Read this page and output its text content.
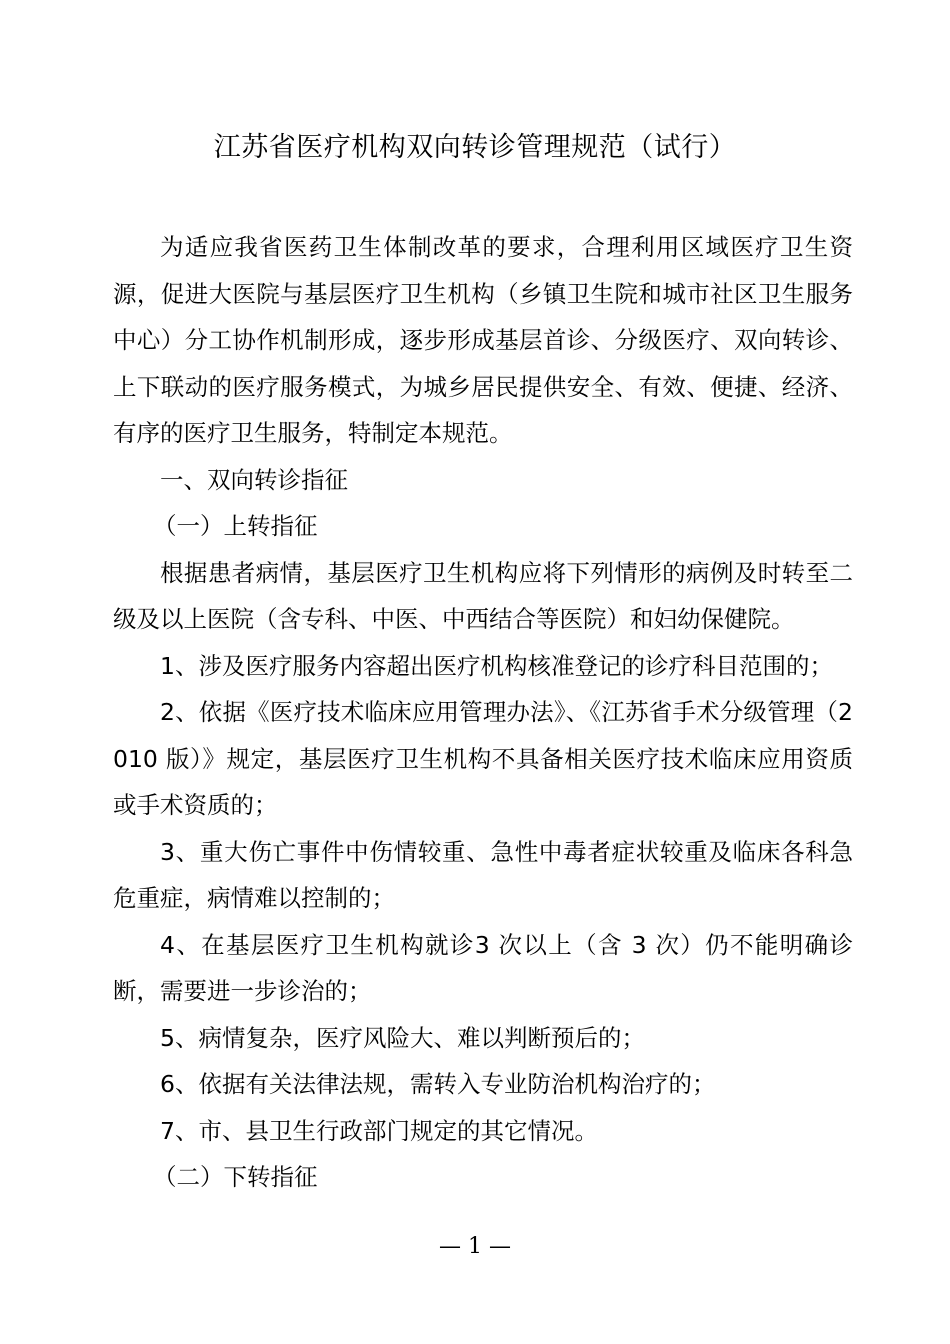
江苏省医疗机构双向转诊管理规范（试行）

为适应我省医药卫生体制改革的要求，合理利用区域医疗卫生资源，促进大医院与基层医疗卫生机构（乡镇卫生院和城市社区卫生服务中心）分工协作机制形成，逐步形成基层首诊、分级医疗、双向转诊、上下联动的医疗服务模式，为城乡居民提供安全、有效、便捷、经济、有序的医疗卫生服务，特制定本规范。

一、双向转诊指征

（一）上转指征

根据患者病情，基层医疗卫生机构应将下列情形的病例及时转至二级及以上医院（含专科、中医、中西结合等医院）和妇幼保健院。

1、涉及医疗服务内容超出医疗机构核准登记的诊疗科目范围的；

2、依据《医疗技术临床应用管理办法》、《江苏省手术分级管理（2010 版）》规定，基层医疗卫生机构不具备相关医疗技术临床应用资质或手术资质的；

3、重大伤亡事件中伤情较重、急性中毒者症状较重及临床各科急危重症，病情难以控制的；

4、在基层医疗卫生机构就诊3 次以上（含 3 次）仍不能明确诊断，需要进一步诊治的；

5、病情复杂，医疗风险大、难以判断预后的；

6、依据有关法律法规，需转入专业防治机构治疗的；

7、市、县卫生行政部门规定的其它情况。

（二）下转指征

— 1 —
